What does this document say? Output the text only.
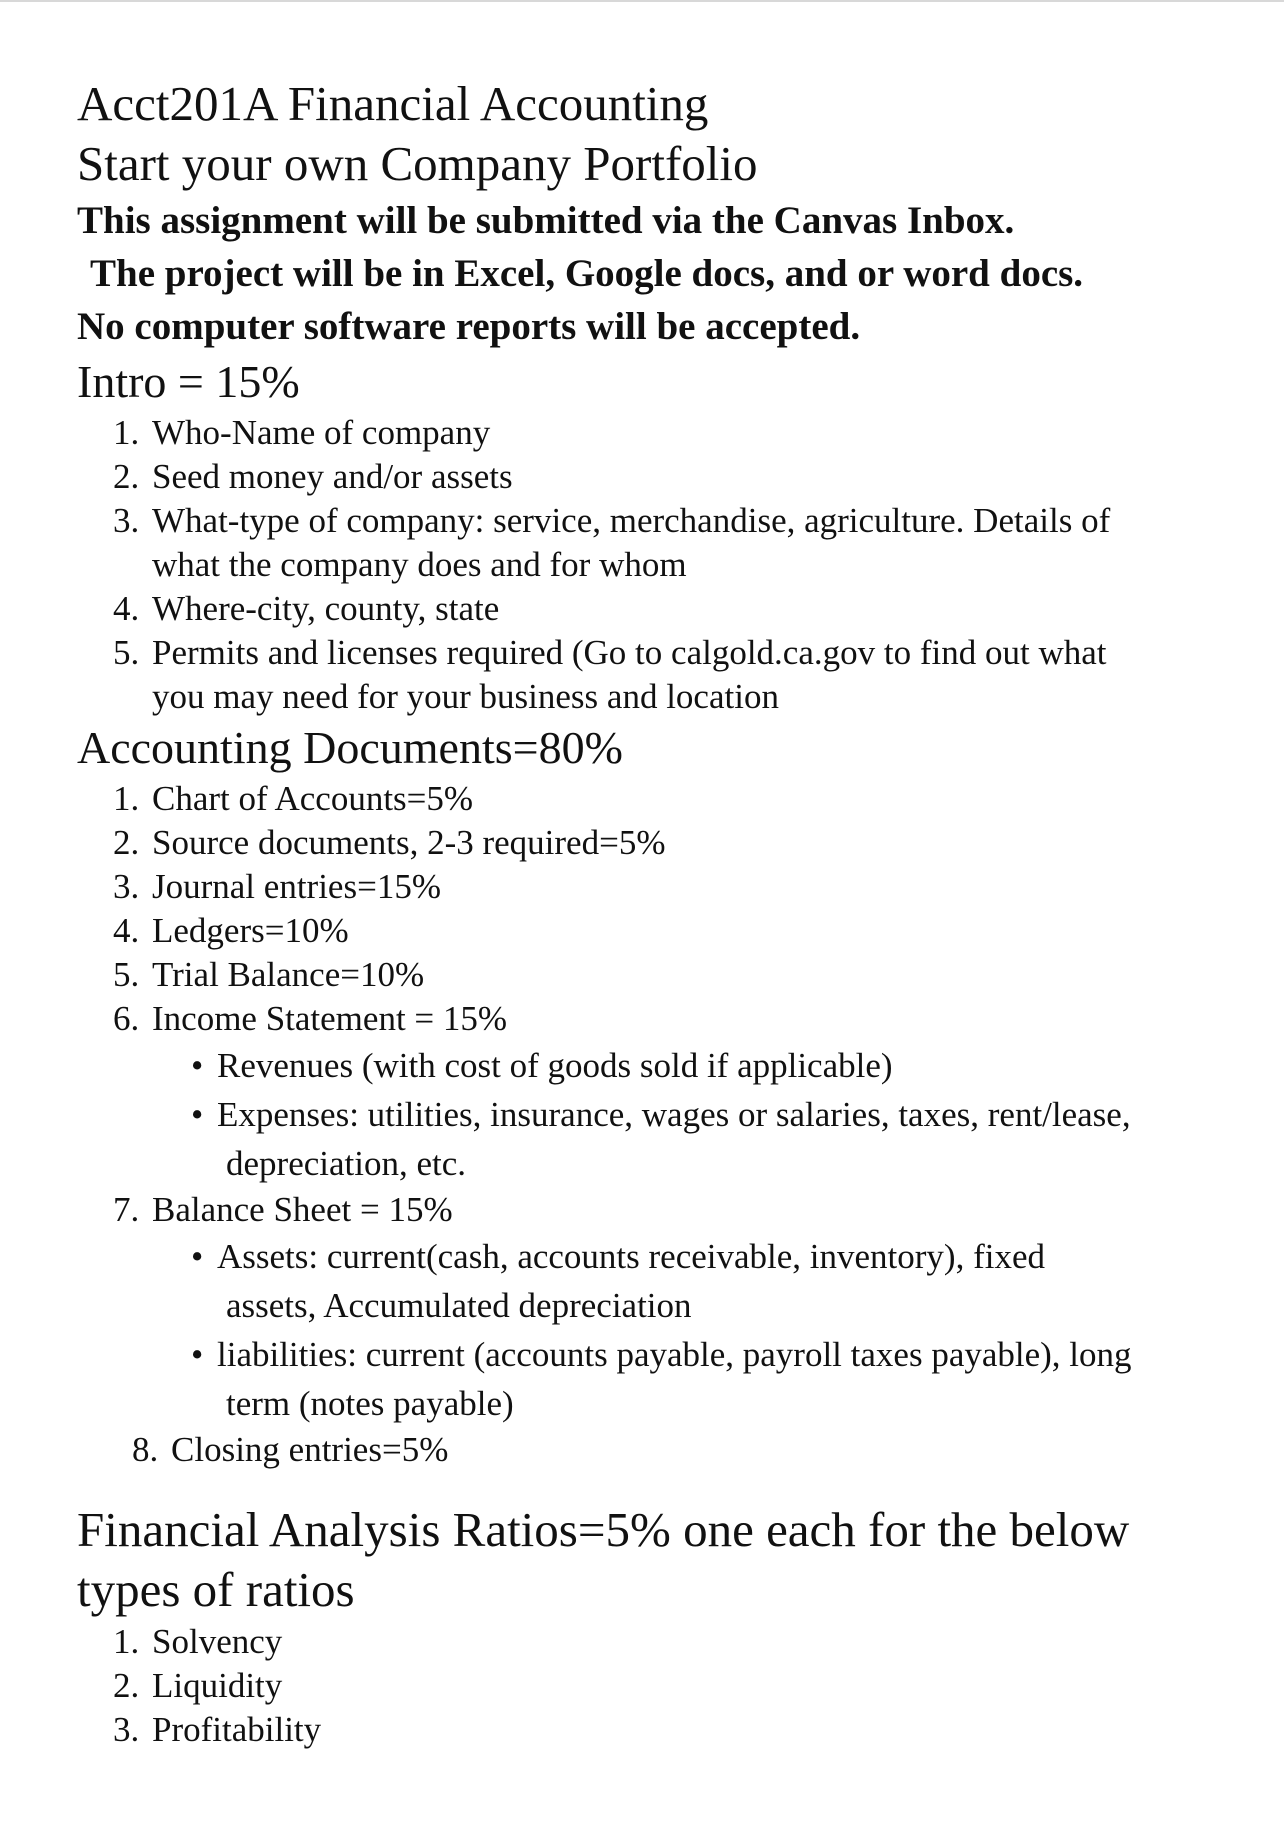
Acct201A Financial Accounting
Start your own Company Portfolio
This assignment will be submitted via the Canvas Inbox.
The project will be in Excel, Google docs, and or word docs.
No computer software reports will be accepted.
Intro = 15%
1. Who-Name of company
2. Seed money and/or assets
3. What-type of company: service, merchandise, agriculture. Details of
what the company does and for whom
4. Where-city, county, state
5. Permits and licenses required (Go to calgold.ca.gov to find out what
you may need for your business and location
Accounting Documents=80%
1. Chart of Accounts=5%
2. Source documents, 2-3 required=5%
3. Journal entries=15%
4. Ledgers=10%
5. Trial Balance=10%
6. Income Statement = 15%
• Revenues (with cost of goods sold if applicable)
• Expenses: utilities, insurance, wages or salaries, taxes, rent/lease,
depreciation, etc.
7. Balance Sheet = 15%
• Assets: current(cash, accounts receivable, inventory), fixed
assets, Accumulated depreciation
• liabilities: current (accounts payable, payroll taxes payable), long
term (notes payable)
8. Closing entries=5%
Financial Analysis Ratios=5% one each for the below
types of ratios
1. Solvency
2. Liquidity
3. Profitability
